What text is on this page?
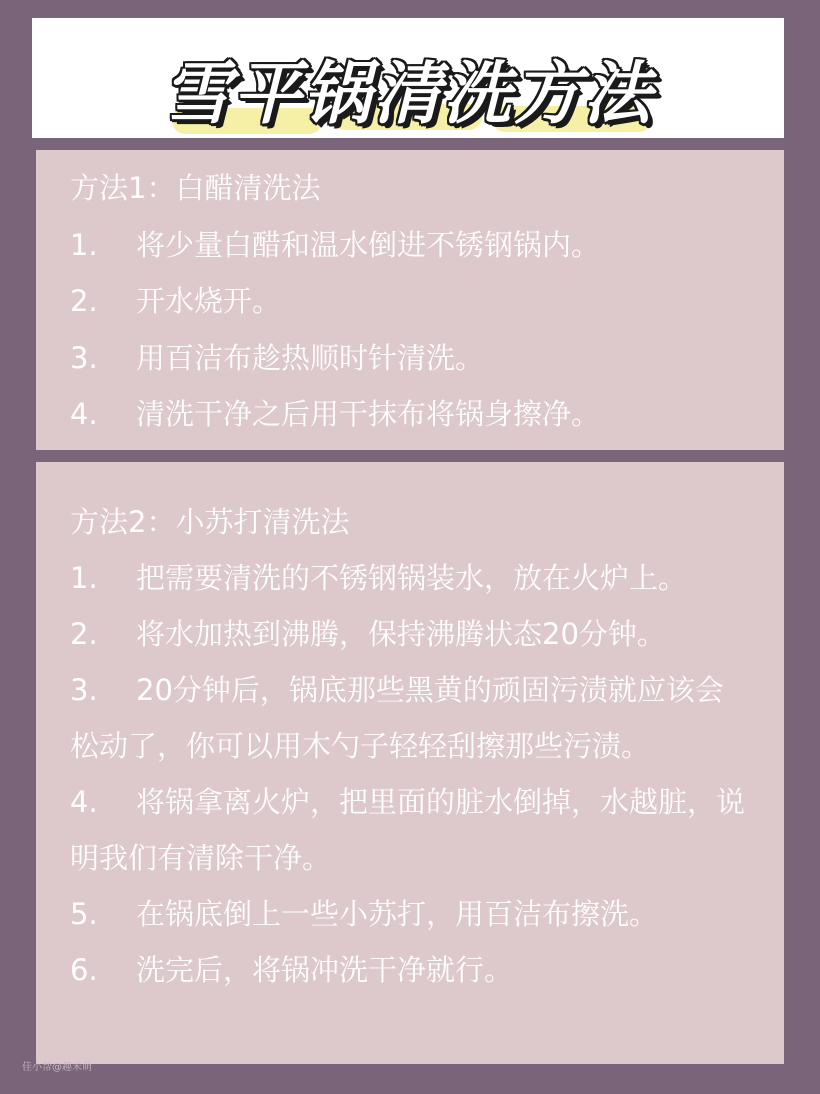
雪平锅清洗方法
方法1：白醋清洗法
1. 将少量白醋和温水倒进不锈钢锅内。
2. 开水烧开。
3. 用百洁布趁热顺时针清洗。
4. 清洗干净之后用干抹布将锅身擦净。
方法2：小苏打清洗法
1. 把需要清洗的不锈钢锅装水，放在火炉上。
2. 将水加热到沸腾，保持沸腾状态20分钟。
3. 20分钟后，锅底那些黑黄的顽固污渍就应该会松动了，你可以用木勺子轻轻刮擦那些污渍。
4. 将锅拿离火炉，把里面的脏水倒掉，水越脏，说明我们有清除干净。
5. 在锅底倒上一些小苏打，用百洁布擦洗。
6. 洗完后，将锅冲洗干净就行。
佳小帮@趣米萌
